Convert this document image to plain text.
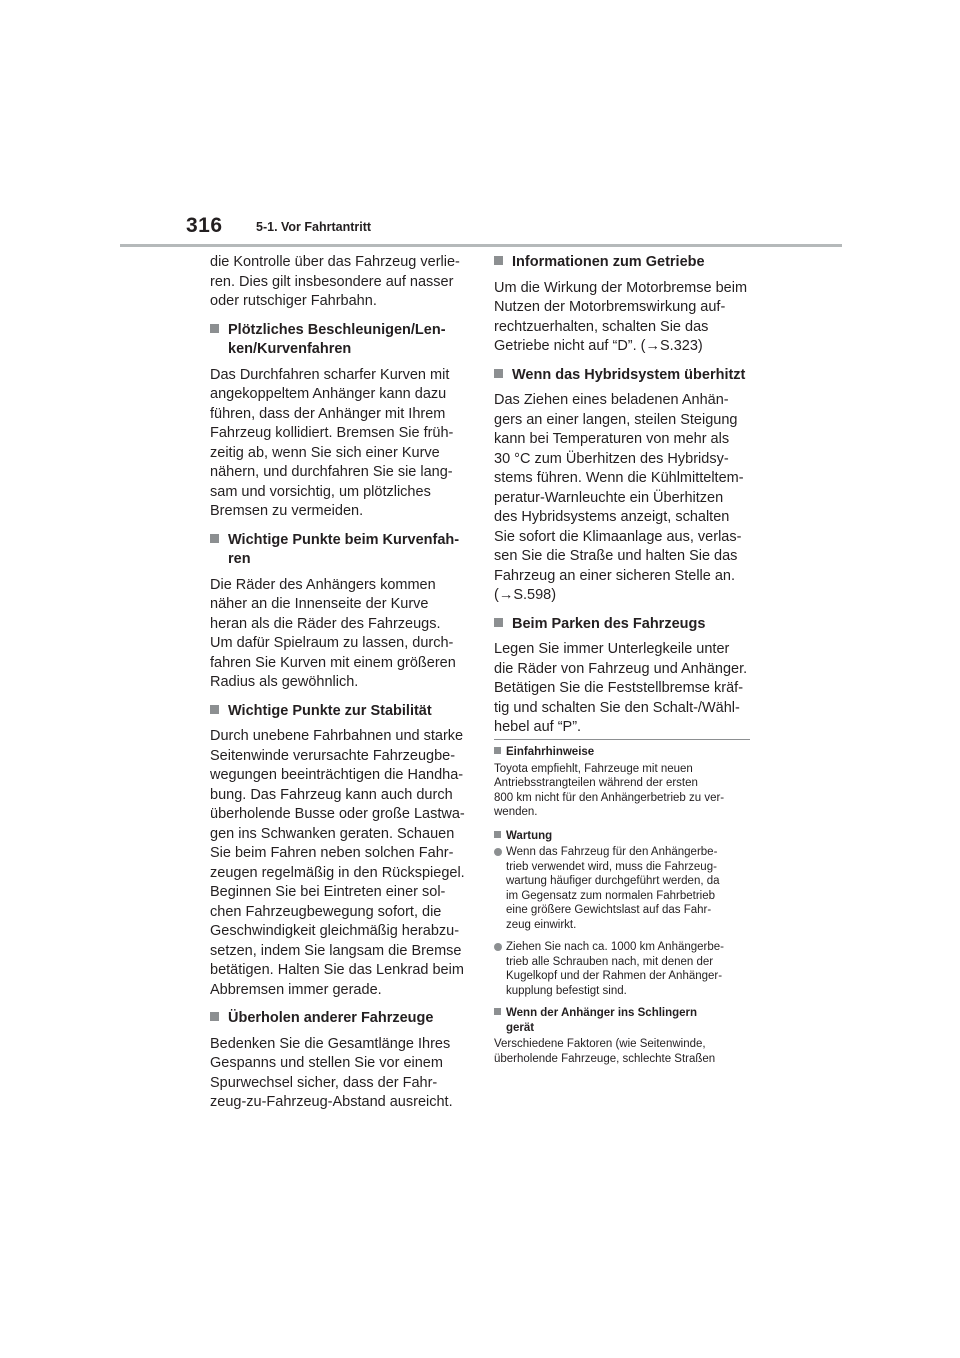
316	5-1. Vor Fahrtantritt

die Kontrolle über das Fahrzeug verlie-
ren. Dies gilt insbesondere auf nasser
oder rutschiger Fahrbahn.

Plötzliches Beschleunigen/Len-
ken/Kurvenfahren

Das Durchfahren scharfer Kurven mit
angekoppeltem Anhänger kann dazu
führen, dass der Anhänger mit Ihrem
Fahrzeug kollidiert. Bremsen Sie früh-
zeitig ab, wenn Sie sich einer Kurve
nähern, und durchfahren Sie sie lang-
sam und vorsichtig, um plötzliches
Bremsen zu vermeiden.

Wichtige Punkte beim Kurvenfah-
ren

Die Räder des Anhängers kommen
näher an die Innenseite der Kurve
heran als die Räder des Fahrzeugs.
Um dafür Spielraum zu lassen, durch-
fahren Sie Kurven mit einem größeren
Radius als gewöhnlich.

Wichtige Punkte zur Stabilität

Durch unebene Fahrbahnen und starke
Seitenwinde verursachte Fahrzeugbe-
wegungen beeinträchtigen die Handha-
bung. Das Fahrzeug kann auch durch
überholende Busse oder große Lastwa-
gen ins Schwanken geraten. Schauen
Sie beim Fahren neben solchen Fahr-
zeugen regelmäßig in den Rückspiegel.
Beginnen Sie bei Eintreten einer sol-
chen Fahrzeugbewegung sofort, die
Geschwindigkeit gleichmäßig herabzu-
setzen, indem Sie langsam die Bremse
betätigen. Halten Sie das Lenkrad beim
Abbremsen immer gerade.

Überholen anderer Fahrzeuge

Bedenken Sie die Gesamtlänge Ihres
Gespanns und stellen Sie vor einem
Spurwechsel sicher, dass der Fahr-
zeug-zu-Fahrzeug-Abstand ausreicht.

Informationen zum Getriebe

Um die Wirkung der Motorbremse beim
Nutzen der Motorbremswirkung auf-
rechtzuerhalten, schalten Sie das
Getriebe nicht auf “D”. (→S.323)

Wenn das Hybridsystem überhitzt

Das Ziehen eines beladenen Anhän-
gers an einer langen, steilen Steigung
kann bei Temperaturen von mehr als
30 °C zum Überhitzen des Hybridsy-
stems führen. Wenn die Kühlmitteltem-
peratur-Warnleuchte ein Überhitzen
des Hybridsystems anzeigt, schalten
Sie sofort die Klimaanlage aus, verlas-
sen Sie die Straße und halten Sie das
Fahrzeug an einer sicheren Stelle an.
(→S.598)

Beim Parken des Fahrzeugs

Legen Sie immer Unterlegkeile unter
die Räder von Fahrzeug und Anhänger.
Betätigen Sie die Feststellbremse kräf-
tig und schalten Sie den Schalt-/Wähl-
hebel auf “P”.

Einfahrhinweise

Toyota empfiehlt, Fahrzeuge mit neuen
Antriebsstrangteilen während der ersten
800 km nicht für den Anhängerbetrieb zu ver-
wenden.

Wartung
Wenn das Fahrzeug für den Anhängerbe-
trieb verwendet wird, muss die Fahrzeug-
wartung häufiger durchgeführt werden, da
im Gegensatz zum normalen Fahrbetrieb
eine größere Gewichtslast auf das Fahr-
zeug einwirkt.
Ziehen Sie nach ca. 1000 km Anhängerbe-
trieb alle Schrauben nach, mit denen der
Kugelkopf und der Rahmen der Anhänger-
kupplung befestigt sind.
Wenn der Anhänger ins Schlingern
gerät

Verschiedene Faktoren (wie Seitenwinde,
überholende Fahrzeuge, schlechte Straßen
